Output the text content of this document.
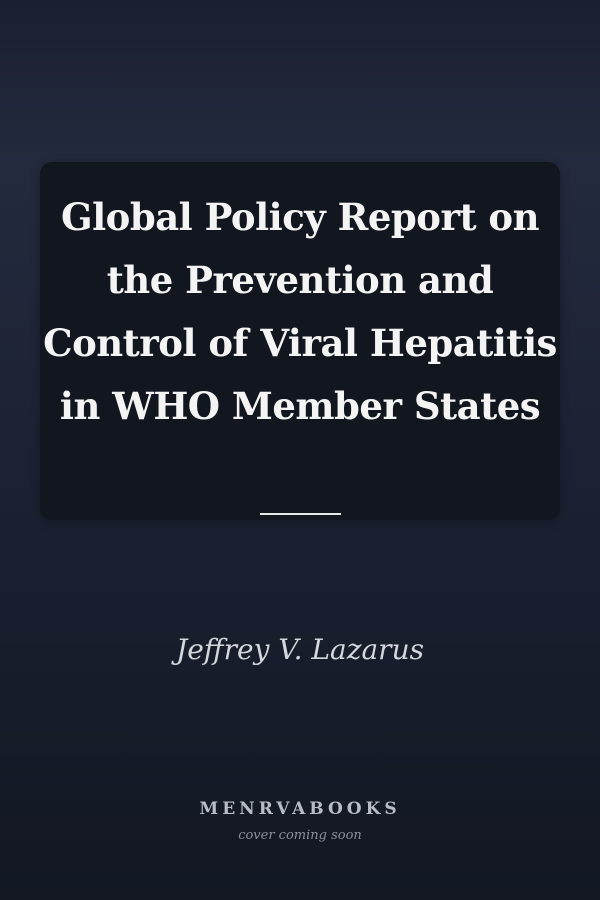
Global Policy Report on the Prevention and Control of Viral Hepatitis in WHO Member States
Jeffrey V. Lazarus
MENRVABOOKS
cover coming soon
